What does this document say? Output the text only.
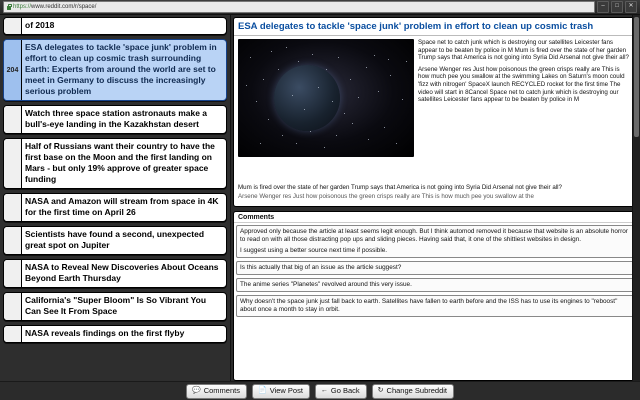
https:// www.reddit.com/r/space/	–	□	✕
of 2018
204
ESA delegates to tackle 'space junk' problem in effort to clean up cosmic trash surrounding Earth: Experts from around the world are set to meet in Germany to discuss the increasingly serious problem
Watch three space station astronauts make a bull's-eye landing in the Kazakhstan desert
Half of Russians want their country to have the first base on the Moon and the first landing on Mars - but only 19% approve of greater space funding
NASA and Amazon will stream from space in 4K for the first time on April 26
Scientists have found a second, unexpected great spot on Jupiter
NASA to Reveal New Discoveries About Oceans Beyond Earth Thursday
California's "Super Bloom" Is So Vibrant You Can See It From Space
NASA reveals findings on the first flyby
ESA delegates to tackle 'space junk' problem in effort to clean up cosmic trash

Space net to catch junk which is destroying our satellites Leicester fans appear to be beaten by police in M Mum is fired over the state of her garden Trump says that America is not going into Syria Did Arsenal not give their all?

Arsene Wenger res Just how poisonous the green crisps really are This is how much pee you swallow at the swimming Lakes on Saturn's moon could 'fizz with nitrogen' SpaceX launch RECYCLED rocket for the first time The video will start in 8Cancel Space net to catch junk which is destroying our satellites Leicester fans appear to be beaten by police in M

Mum is fired over the state of her garden Trump says that America is not going into Syria Did Arsenal not give their all?

Arsene Wenger res Just how poisonous the green crisps really are This is how much pee you swallow at the

Comments

Approved only because the article at least seems legit enough. But I think automod removed it because that website is an absolute horror to read on with all those distracting pop ups and sliding pieces. Having said that, it one of the shittiest websites in design.

I suggest using a better source next time if possible.

Is this actually that big of an issue as the article suggest?

The anime series "Planetes" revolved around this very issue.

Why doesn't the space junk just fall back to earth. Satellites have fallen to earth before and the ISS has to use its engines to "reboost" about once a month to stay in orbit.

💬 Comments	📄 View Post	← Go Back	↻ Change Subreddit
